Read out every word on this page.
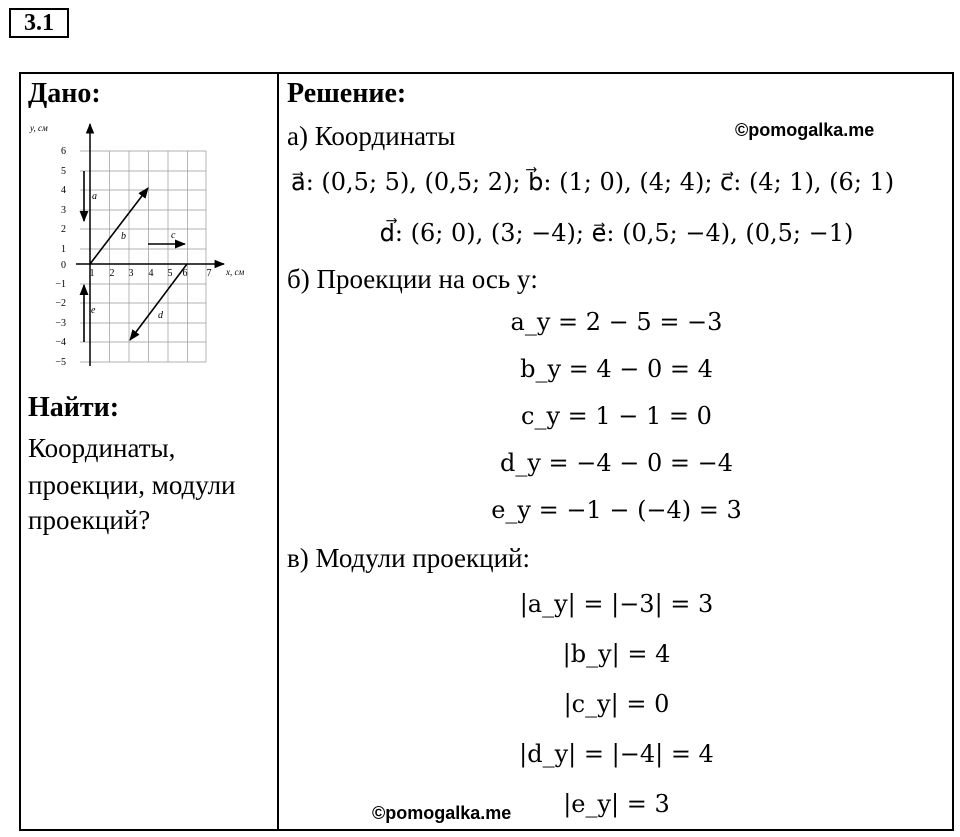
3.1
Дано:
y, см
x, см
6
5
4
3
2
1
0
−1
−2
−3
−4
−5
1 2 3 4 5 6 7
a
b	c
d
e
Найти:
Координаты,
проекции, модули
проекций?
Решение:
а) Координаты	©pomogalka.me
a⃗: (0,5; 5), (0,5; 2); b⃗: (1; 0), (4; 4); c⃗: (4; 1), (6; 1)
d⃗: (6; 0), (3; −4); e⃗: (0,5; −4), (0,5; −1)
б) Проекции на ось y:
a_y = 2 − 5 = −3
b_y = 4 − 0 = 4
c_y = 1 − 1 = 0
d_y = −4 − 0 = −4
e_y = −1 − (−4) = 3
в) Модули проекций:
|a_y| = |−3| = 3
|b_y| = 4
|c_y| = 0
|d_y| = |−4| = 4
|e_y| = 3
©pomogalka.me
